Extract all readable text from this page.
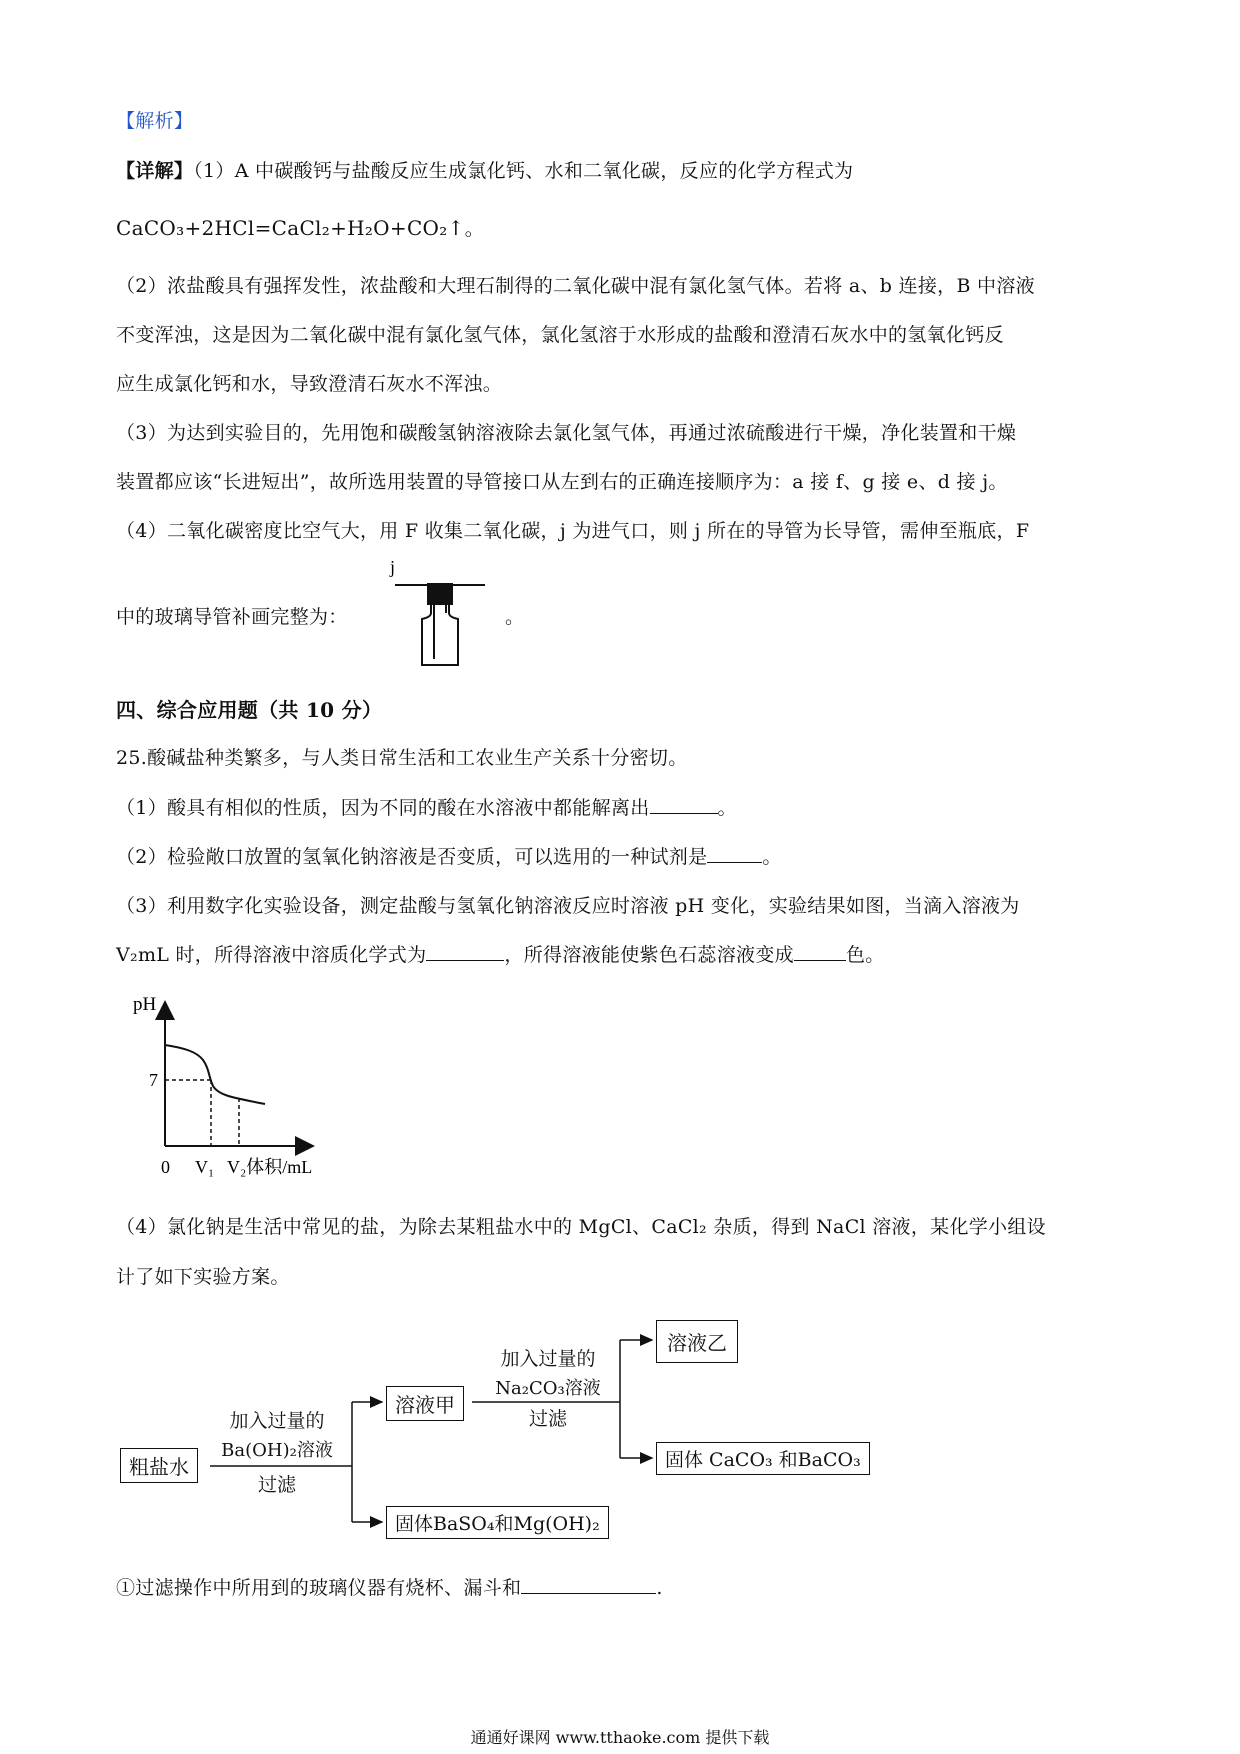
【解析】
【详解】（1）A 中碳酸钙与盐酸反应生成氯化钙、水和二氧化碳，反应的化学方程式为
CaCO₃+2HCl=CaCl₂+H₂O+CO₂↑。
（2）浓盐酸具有强挥发性，浓盐酸和大理石制得的二氧化碳中混有氯化氢气体。若将 a、b 连接，B 中溶液
不变浑浊，这是因为二氧化碳中混有氯化氢气体，氯化氢溶于水形成的盐酸和澄清石灰水中的氢氧化钙反
应生成氯化钙和水，导致澄清石灰水不浑浊。
（3）为达到实验目的，先用饱和碳酸氢钠溶液除去氯化氢气体，再通过浓硫酸进行干燥，净化装置和干燥
装置都应该“长进短出”，故所选用装置的导管接口从左到右的正确连接顺序为：a 接 f、g 接 e、d 接 j。
（4）二氧化碳密度比空气大，用 F 收集二氧化碳，j 为进气口，则 j 所在的导管为长导管，需伸至瓶底，F
中的玻璃导管补画完整为：
j
。
四、综合应用题（共 10 分）
25.酸碱盐种类繁多，与人类日常生活和工农业生产关系十分密切。
（1）酸具有相似的性质，因为不同的酸在水溶液中都能解离出	。
（2）检验敞口放置的氢氧化钠溶液是否变质，可以选用的一种试剂是	。
（3）利用数字化实验设备，测定盐酸与氢氧化钠溶液反应时溶液 pH 变化，实验结果如图，当滴入溶液为
V₂mL 时，所得溶液中溶质化学式为	，所得溶液能使紫色石蕊溶液变成	色。
pH
7
0 V₁ V₂体积/mL
（4）氯化钠是生活中常见的盐，为除去某粗盐水中的 MgCl、CaCl₂ 杂质，得到 NaCl 溶液，某化学小组设
计了如下实验方案。
粗盐水
加入过量的
Ba(OH)₂溶液
过滤
溶液甲
固体BaSO₄和Mg(OH)₂
加入过量的
Na₂CO₃溶液
过滤
溶液乙
固体 CaCO₃ 和BaCO₃
①过滤操作中所用到的玻璃仪器有烧杯、漏斗和	.
通通好课网 www.tthaoke.com 提供下载
